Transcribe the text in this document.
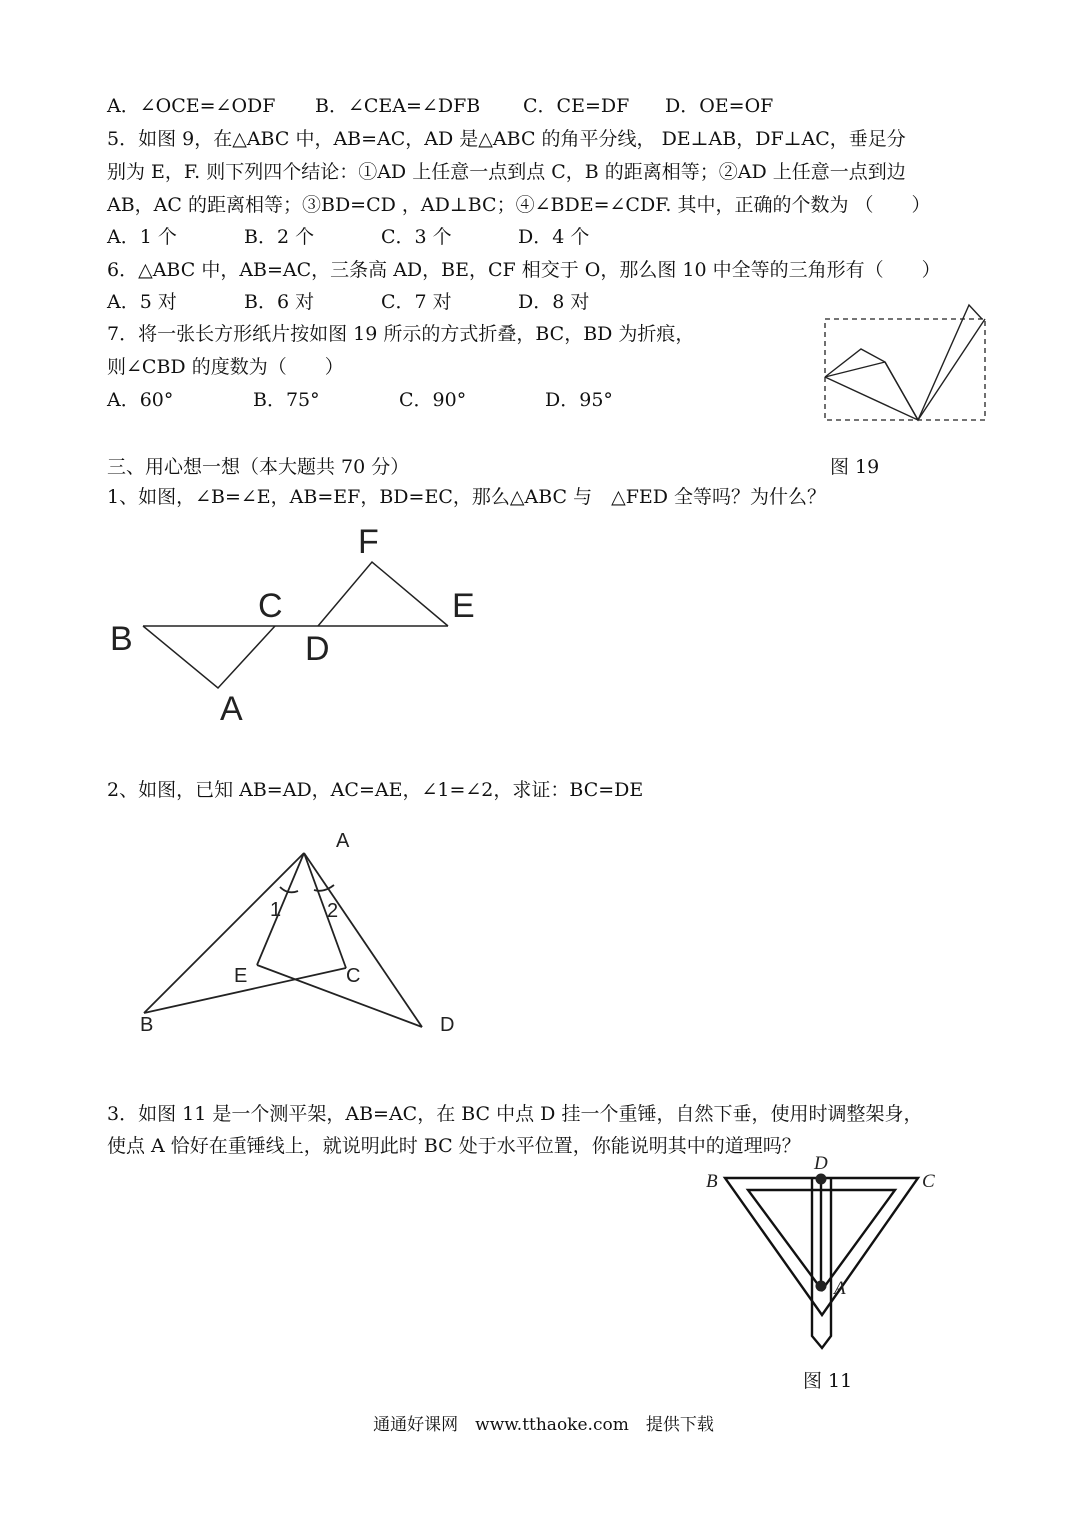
A．∠OCE=∠ODF B．∠CEA=∠DFB C．CE=DF D．OE=OF
5．如图 9，在△ABC 中，AB=AC，AD 是△ABC 的角平分线， DE⊥AB，DF⊥AC，垂足分
别为 E，F. 则下列四个结论：①AD 上任意一点到点 C，B 的距离相等；②AD 上任意一点到边
AB，AC 的距离相等；③BD=CD ，AD⊥BC；④∠BDE=∠CDF. 其中，正确的个数为 （　　）
A．1 个	B．2 个	C．3 个	D．4 个
6．△ABC 中，AB=AC，三条高 AD，BE，CF 相交于 O，那么图 10 中全等的三角形有（　　）
A．5 对	B．6 对	C．7 对	D．8 对
7．将一张长方形纸片按如图 19 所示的方式折叠，BC，BD 为折痕，
则∠CBD 的度数为（　　）
A．60°	B．75°	C．90°	D．95°
三、用心想一想（本大题共 70 分）	图 19
1、如图，∠B=∠E，AB=EF，BD=EC，那么△ABC 与　△FED 全等吗？为什么？
B
C
D
A
F
E
2、如图，已知 AB=AD，AC=AE，∠1=∠2，求证：BC=DE
A
1 2
E	C
B	D
3．如图 11 是一个测平架，AB=AC，在 BC 中点 D 挂一个重锤，自然下垂，使用时调整架身，
使点 A 恰好在重锤线上，就说明此时 BC 处于水平位置，你能说明其中的道理吗？
B	C
D
A
图 11
通通好课网　www.tthaoke.com　提供下载
